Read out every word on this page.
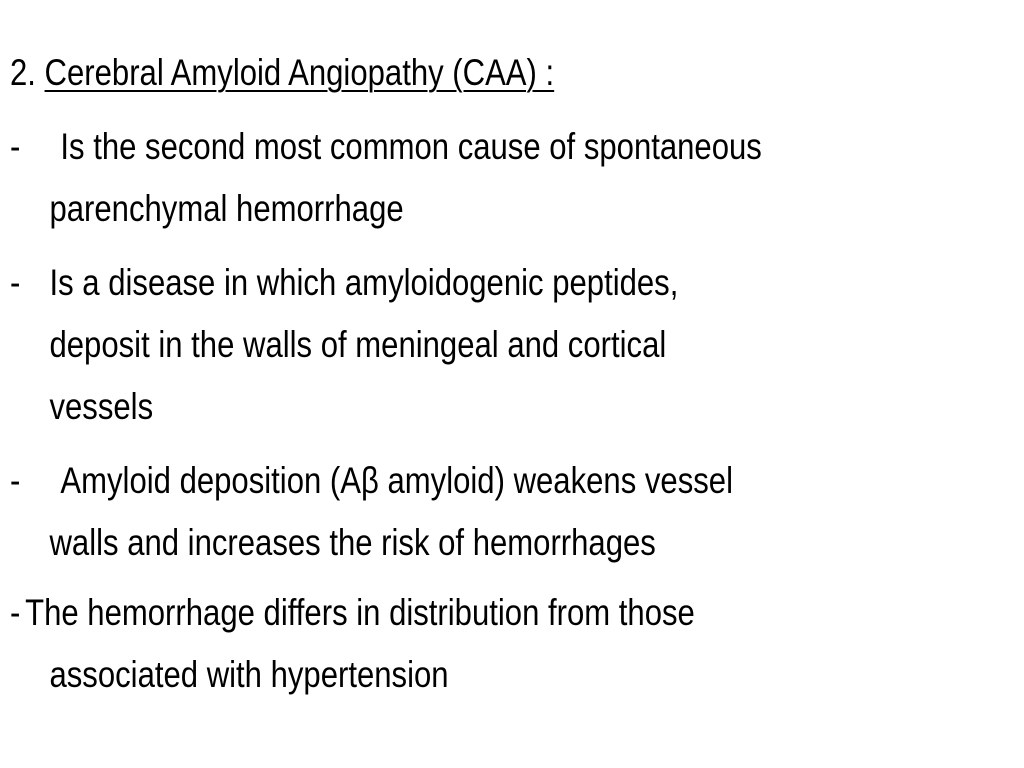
2. Cerebral Amyloid Angiopathy (CAA) :
- Is the second most common cause of spontaneous
parenchymal hemorrhage
- Is a disease in which amyloidogenic peptides,
deposit in the walls of meningeal and cortical
vessels
- Amyloid deposition (Aβ amyloid) weakens vessel
walls and increases the risk of hemorrhages
- The hemorrhage differs in distribution from those
associated with hypertension
